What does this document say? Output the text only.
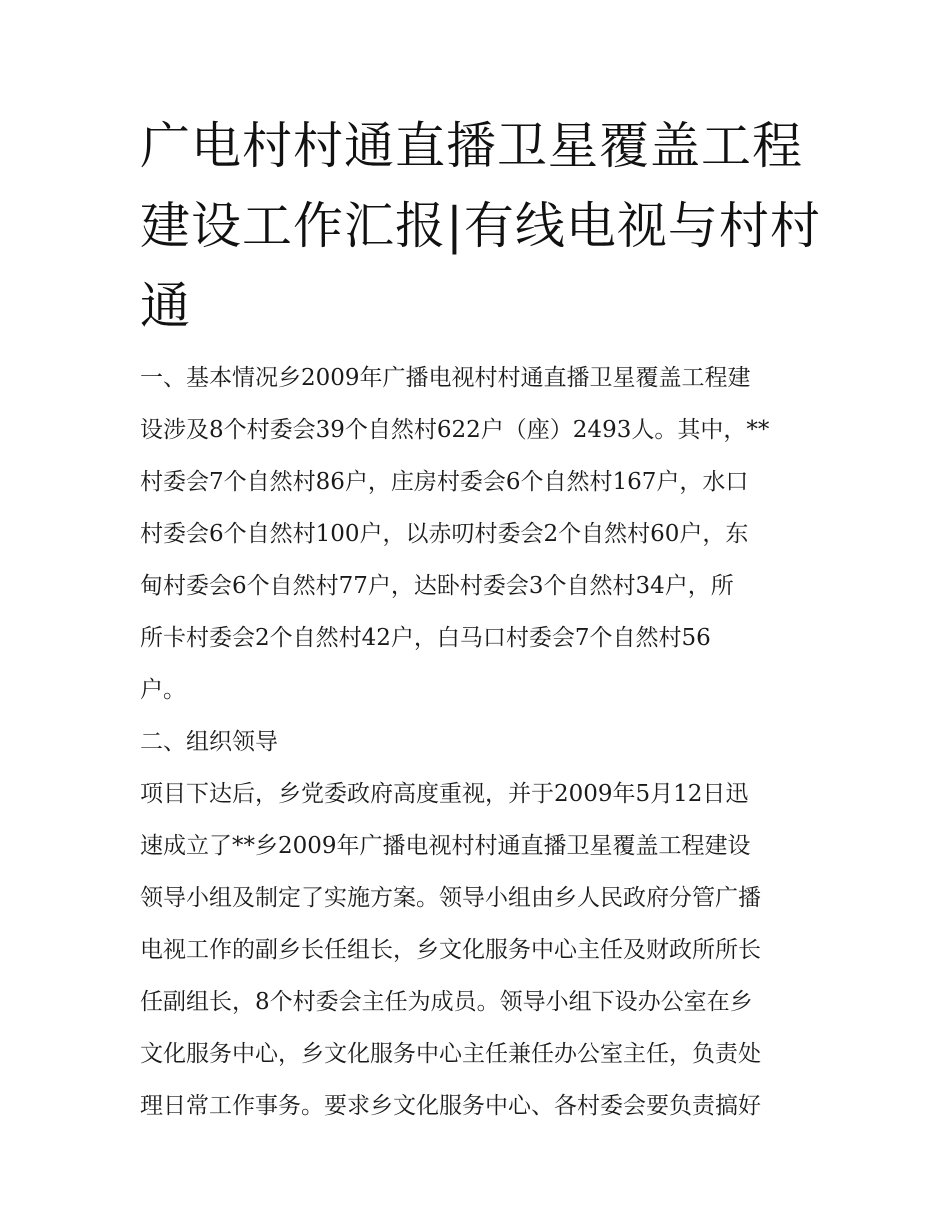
广电村村通直播卫星覆盖工程
建设工作汇报|有线电视与村村
通

一、基本情况乡2009年广播电视村村通直播卫星覆盖工程建
设涉及8个村委会39个自然村622户（座）2493人。其中，**
村委会7个自然村86户，庄房村委会6个自然村167户，水口
村委会6个自然村100户，以赤叨村委会2个自然村60户，东
甸村委会6个自然村77户，达卧村委会3个自然村34户，所
所卡村委会2个自然村42户，白马口村委会7个自然村56
户。

二、组织领导

项目下达后，乡党委政府高度重视，并于2009年5月12日迅
速成立了**乡2009年广播电视村村通直播卫星覆盖工程建设
领导小组及制定了实施方案。领导小组由乡人民政府分管广播
电视工作的副乡长任组长，乡文化服务中心主任及财政所所长
任副组长，8个村委会主任为成员。领导小组下设办公室在乡
文化服务中心，乡文化服务中心主任兼任办公室主任，负责处
理日常工作事务。要求乡文化服务中心、各村委会要负责搞好
